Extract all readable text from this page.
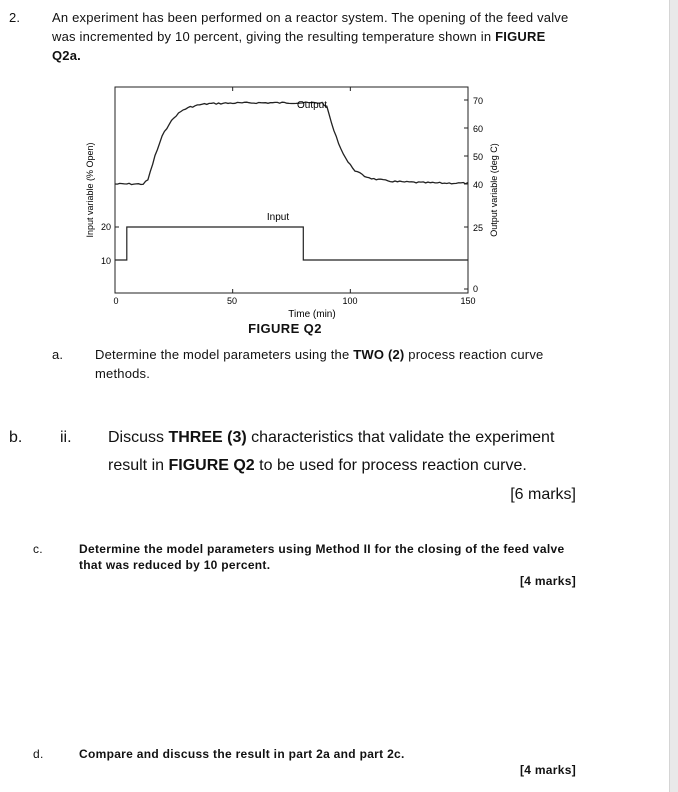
2. An experiment has been performed on a reactor system. The opening of the feed valve was incremented by 10 percent, giving the resulting temperature shown in FIGURE Q2a.
Output
Input
0	50	100	150
10
20
70
60
50
40
25
0
Time (min)
Input variable (% Open)	Output variable (deg C)
FIGURE Q2
a. Determine the model parameters using the TWO (2) process reaction curve methods.
b. ii. Discuss THREE (3) characteristics that validate the experiment result in FIGURE Q2 to be used for process reaction curve.
[6 marks]
c.	Determine the model parameters using Method II for the closing of the feed valve that was reduced by 10 percent.
[4 marks]
d.	Compare and discuss the result in part 2a and part 2c.
[4 marks]
